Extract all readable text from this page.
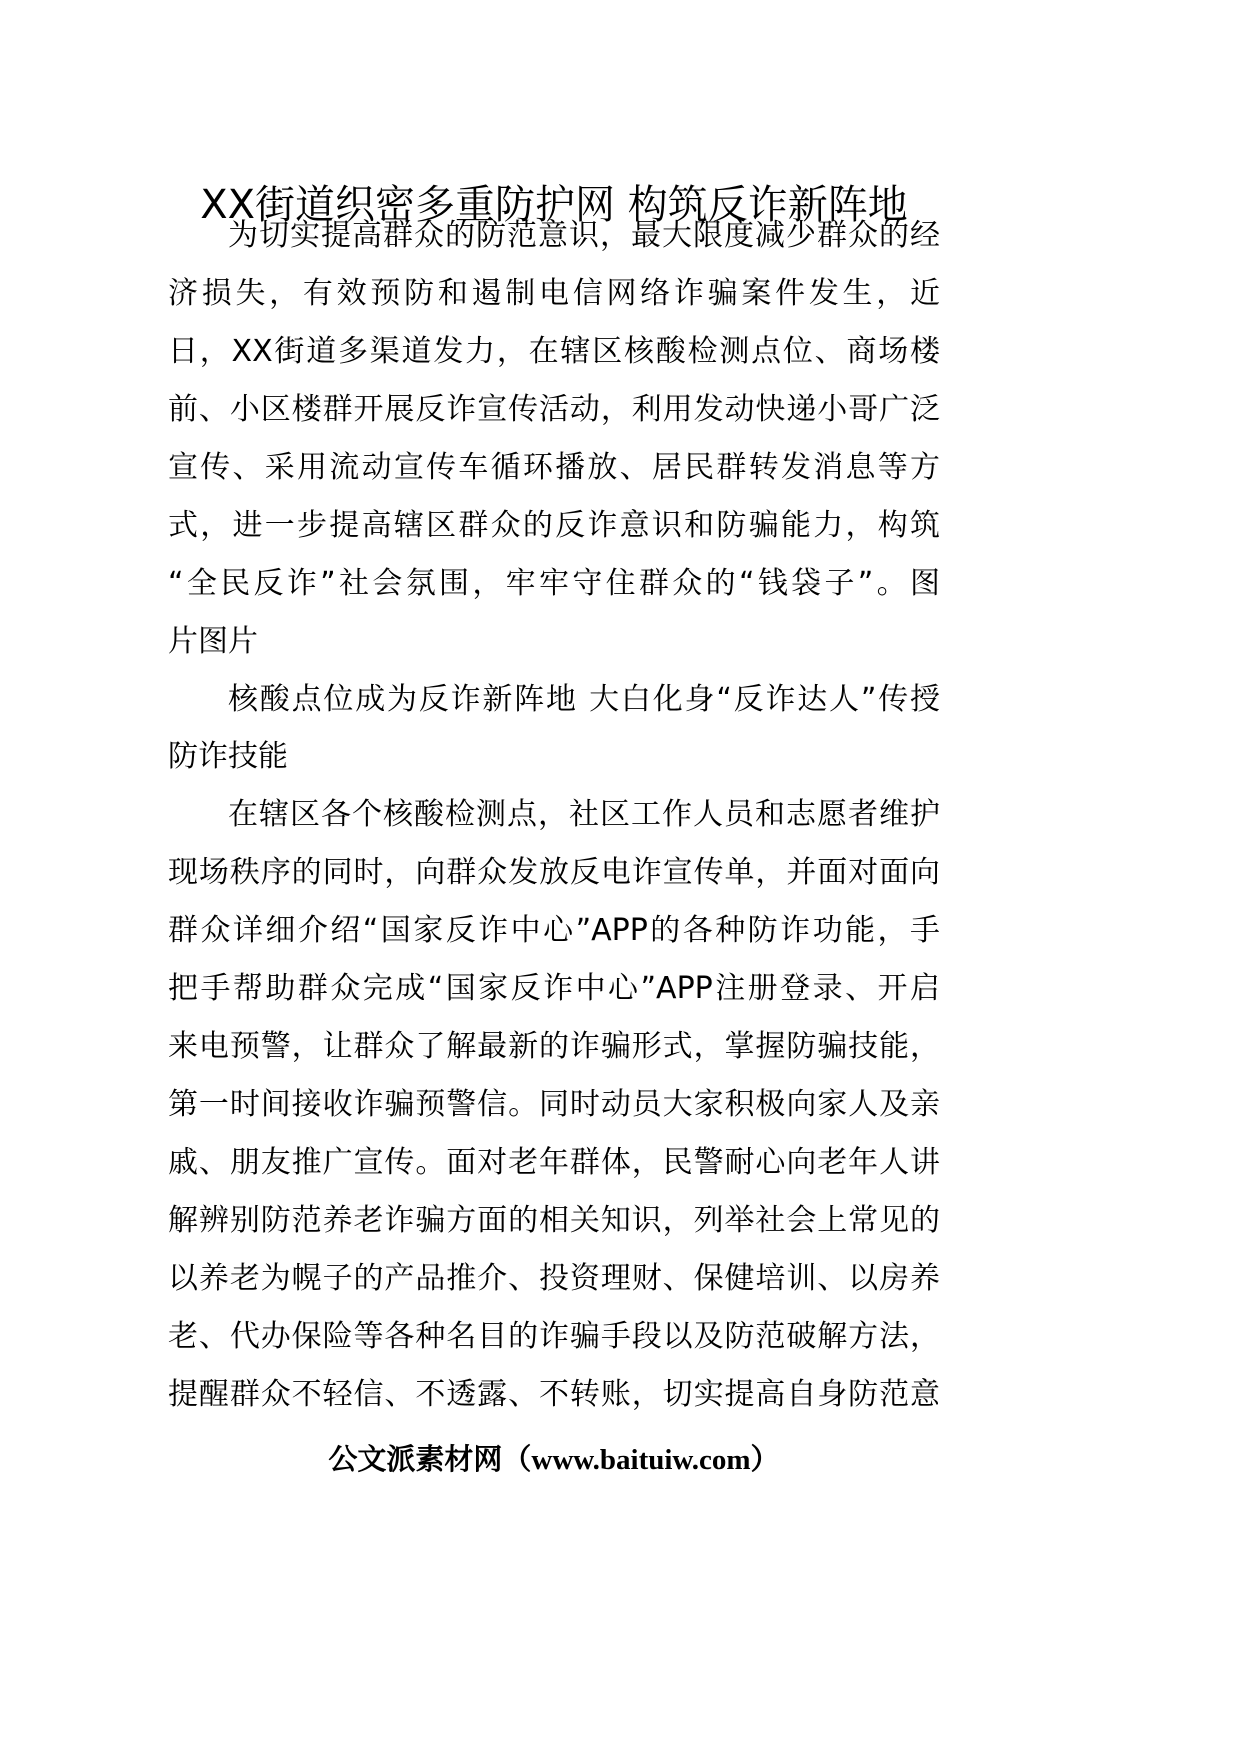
XX街道织密多重防护网 构筑反诈新阵地
为切实提高群众的防范意识，最大限度减少群众的经
济损失，有效预防和遏制电信网络诈骗案件发生，近
日，XX街道多渠道发力，在辖区核酸检测点位、商场楼
前、小区楼群开展反诈宣传活动，利用发动快递小哥广泛
宣传、采用流动宣传车循环播放、居民群转发消息等方
式，进一步提高辖区群众的反诈意识和防骗能力，构筑
“全民反诈”社会氛围，牢牢守住群众的“钱袋子”。图
片图片
核酸点位成为反诈新阵地 大白化身“反诈达人”传授
防诈技能
在辖区各个核酸检测点，社区工作人员和志愿者维护
现场秩序的同时，向群众发放反电诈宣传单，并面对面向
群众详细介绍“国家反诈中心”APP的各种防诈功能，手
把手帮助群众完成“国家反诈中心”APP注册登录、开启
来电预警，让群众了解最新的诈骗形式，掌握防骗技能，
第一时间接收诈骗预警信。同时动员大家积极向家人及亲
戚、朋友推广宣传。面对老年群体，民警耐心向老年人讲
解辨别防范养老诈骗方面的相关知识，列举社会上常见的
以养老为幌子的产品推介、投资理财、保健培训、以房养
老、代办保险等各种名目的诈骗手段以及防范破解方法，
提醒群众不轻信、不透露、不转账，切实提高自身防范意
公文派素材网（www.baituiw.com）
